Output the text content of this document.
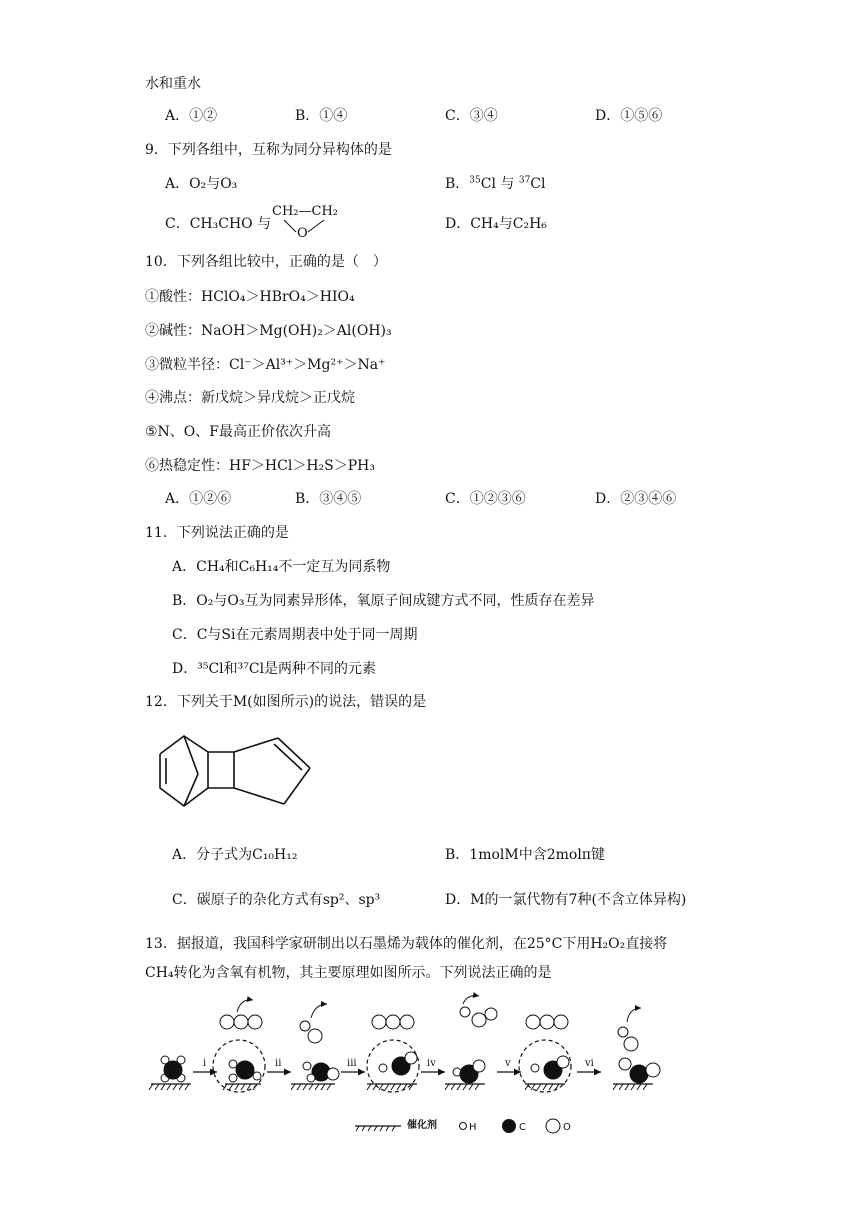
水和重水
A．①②	B．①④	C．③④	D．①⑤⑥
9．下列各组中，互称为同分异构体的是
A．O₂与O₃	B．$^{35}$Cl 与 $^{37}$Cl
C．CH₃CHO 与
CH₂—CH₂
O
D．CH₄与C₂H₆
10．下列各组比较中，正确的是（　）
①酸性：HClO₄＞HBrO₄＞HIO₄
②碱性：NaOH＞Mg(OH)₂＞Al(OH)₃
③微粒半径：Cl⁻＞Al³⁺＞Mg²⁺＞Na⁺
④沸点：新戊烷＞异戊烷＞正戊烷
⑤N、O、F最高正价依次升高
⑥热稳定性：HF＞HCl＞H₂S＞PH₃
A．①②⑥	B．③④⑤	C．①②③⑥	D．②③④⑥
11．下列说法正确的是
A．CH₄和C₆H₁₄不一定互为同系物
B．O₂与O₃互为同素异形体，氧原子间成键方式不同，性质存在差异
C．C与Si在元素周期表中处于同一周期
D．³⁵Cl和³⁷Cl是两种不同的元素
12．下列关于M(如图所示)的说法，错误的是
A．分子式为C₁₀H₁₂	B．1molM中含2molπ键
C．碳原子的杂化方式有sp²、sp³	D．M的一氯代物有7种(不含立体异构)
13．据报道，我国科学家研制出以石墨烯为载体的催化剂，在25°C下用H₂O₂直接将
CH₄转化为含氧有机物，其主要原理如图所示。下列说法正确的是
i	ii	iii	iv	v	vi
催化剂	H	C	O
